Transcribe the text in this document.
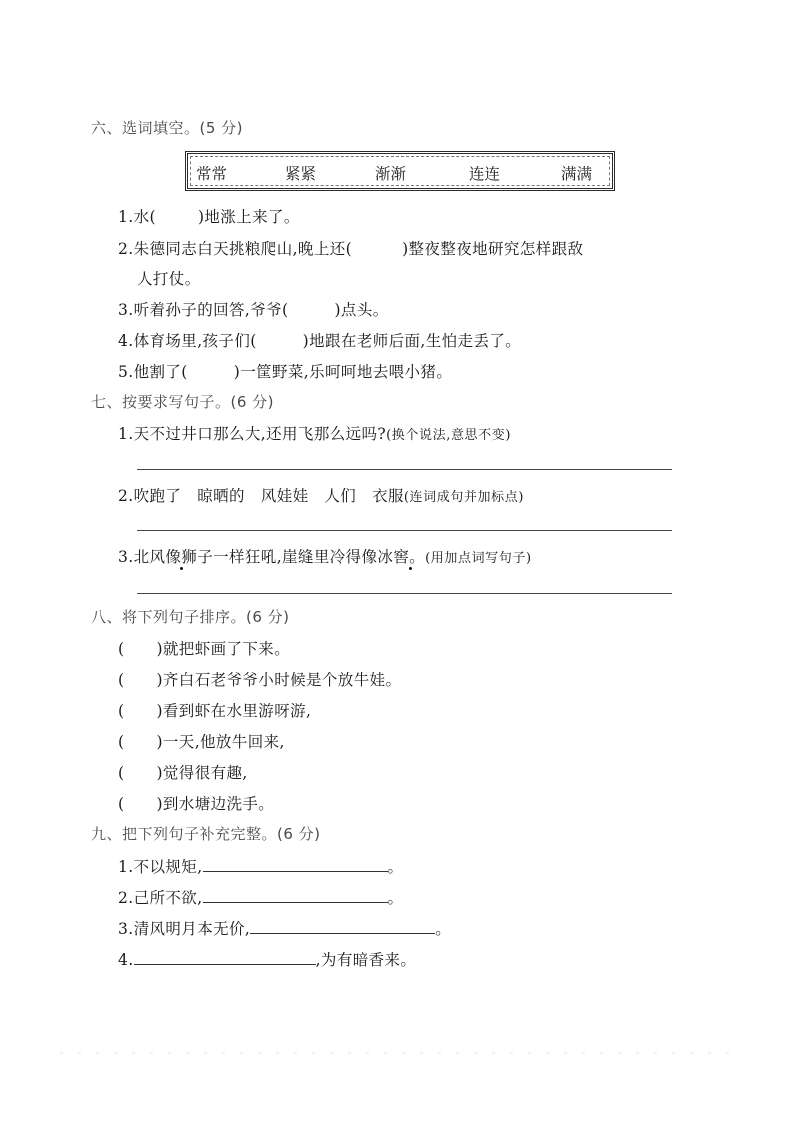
六、选词填空。(5 分)
常常	紧紧	渐渐	连连	满满
1.水(	)地涨上来了。
2.朱德同志白天挑粮爬山,晚上还(	)整夜整夜地研究怎样跟敌
人打仗。
3.听着孙子的回答,爷爷(	)点头。
4.体育场里,孩子们(	)地跟在老师后面,生怕走丢了。
5.他割了(	)一筐野菜,乐呵呵地去喂小猪。
七、按要求写句子。(6 分)
1.天不过井口那么大,还用飞那么远吗?(换个说法,意思不变)
2.吹跑了　晾晒的　风娃娃　人们　衣服(连词成句并加标点)
3.北风像狮子一样狂吼,崖缝里冷得像冰窖。(用加点词写句子)
八、将下列句子排序。(6 分)
( )就把虾画了下来。
( )齐白石老爷爷小时候是个放牛娃。
( )看到虾在水里游呀游,
( )一天,他放牛回来,
( )觉得很有趣,
( )到水塘边洗手。
九、把下列句子补充完整。(6 分)
1.不以规矩,	。
2.己所不欲,	。
3.清风明月本无价,	。
4.	,为有暗香来。
